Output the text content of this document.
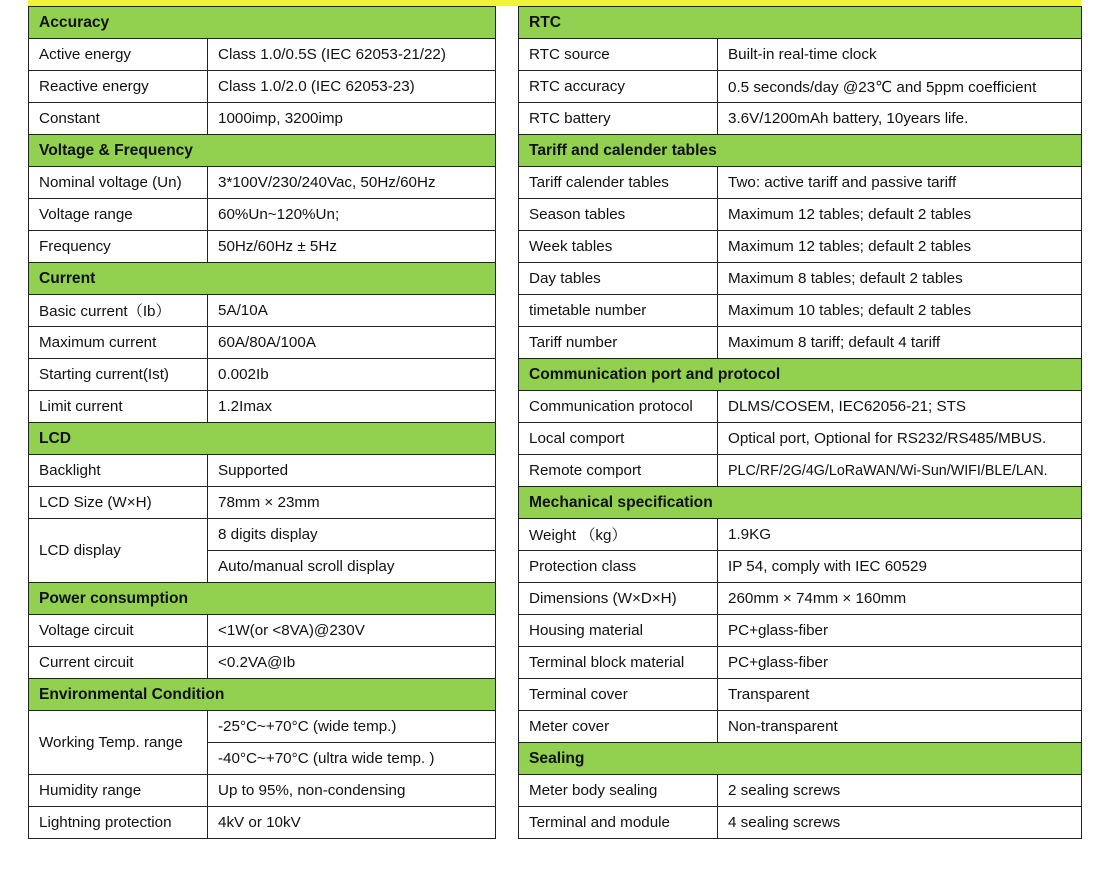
Accuracy	
Active energy	Class 1.0/0.5S (IEC 62053-21/22)
Reactive energy	Class 1.0/2.0 (IEC 62053-23)
Constant	1000imp, 3200imp
Voltage & Frequency	
Nominal voltage (Un)	3*100V/230/240Vac, 50Hz/60Hz
Voltage range	60%Un~120%Un;
Frequency	50Hz/60Hz ± 5Hz
Current	
Basic current（Ib）	5A/10A
Maximum current	60A/80A/100A
Starting current(Ist)	0.002Ib
Limit current	1.2Imax
LCD	
Backlight	Supported
LCD Size (W×H)	78mm × 23mm
LCD display	8 digits display
	Auto/manual scroll display
Power consumption	
Voltage circuit	<1W(or <8VA)@230V
Current circuit	<0.2VA@Ib
Environmental Condition	
Working Temp. range	-25°C~+70°C (wide temp.)
	-40°C~+70°C (ultra wide temp. )
Humidity range	Up to 95%, non-condensing
Lightning protection	4kV or 10kV
RTC	
RTC source	Built-in real-time clock
RTC accuracy	0.5 seconds/day @23℃ and 5ppm coefficient
RTC battery	3.6V/1200mAh battery, 10years life.
Tariff and calender tables	
Tariff calender tables	Two: active tariff and passive tariff
Season tables	Maximum 12 tables; default 2 tables
Week tables	Maximum 12 tables; default 2 tables
Day tables	Maximum 8 tables; default 2 tables
timetable number	Maximum 10 tables; default 2 tables
Tariff number	Maximum 8 tariff; default 4 tariff
Communication port and protocol	
Communication protocol	DLMS/COSEM, IEC62056-21; STS
Local comport	Optical port, Optional for RS232/RS485/MBUS.
Remote comport	PLC/RF/2G/4G/LoRaWAN/Wi-Sun/WIFI/BLE/LAN.
Mechanical specification	
Weight （kg）	1.9KG
Protection class	IP 54, comply with IEC 60529
Dimensions (W×D×H)	260mm × 74mm × 160mm
Housing material	PC+glass-fiber
Terminal block material	PC+glass-fiber
Terminal cover	Transparent
Meter cover	Non-transparent
Sealing	
Meter body sealing	2 sealing screws
Terminal and module	4 sealing screws
